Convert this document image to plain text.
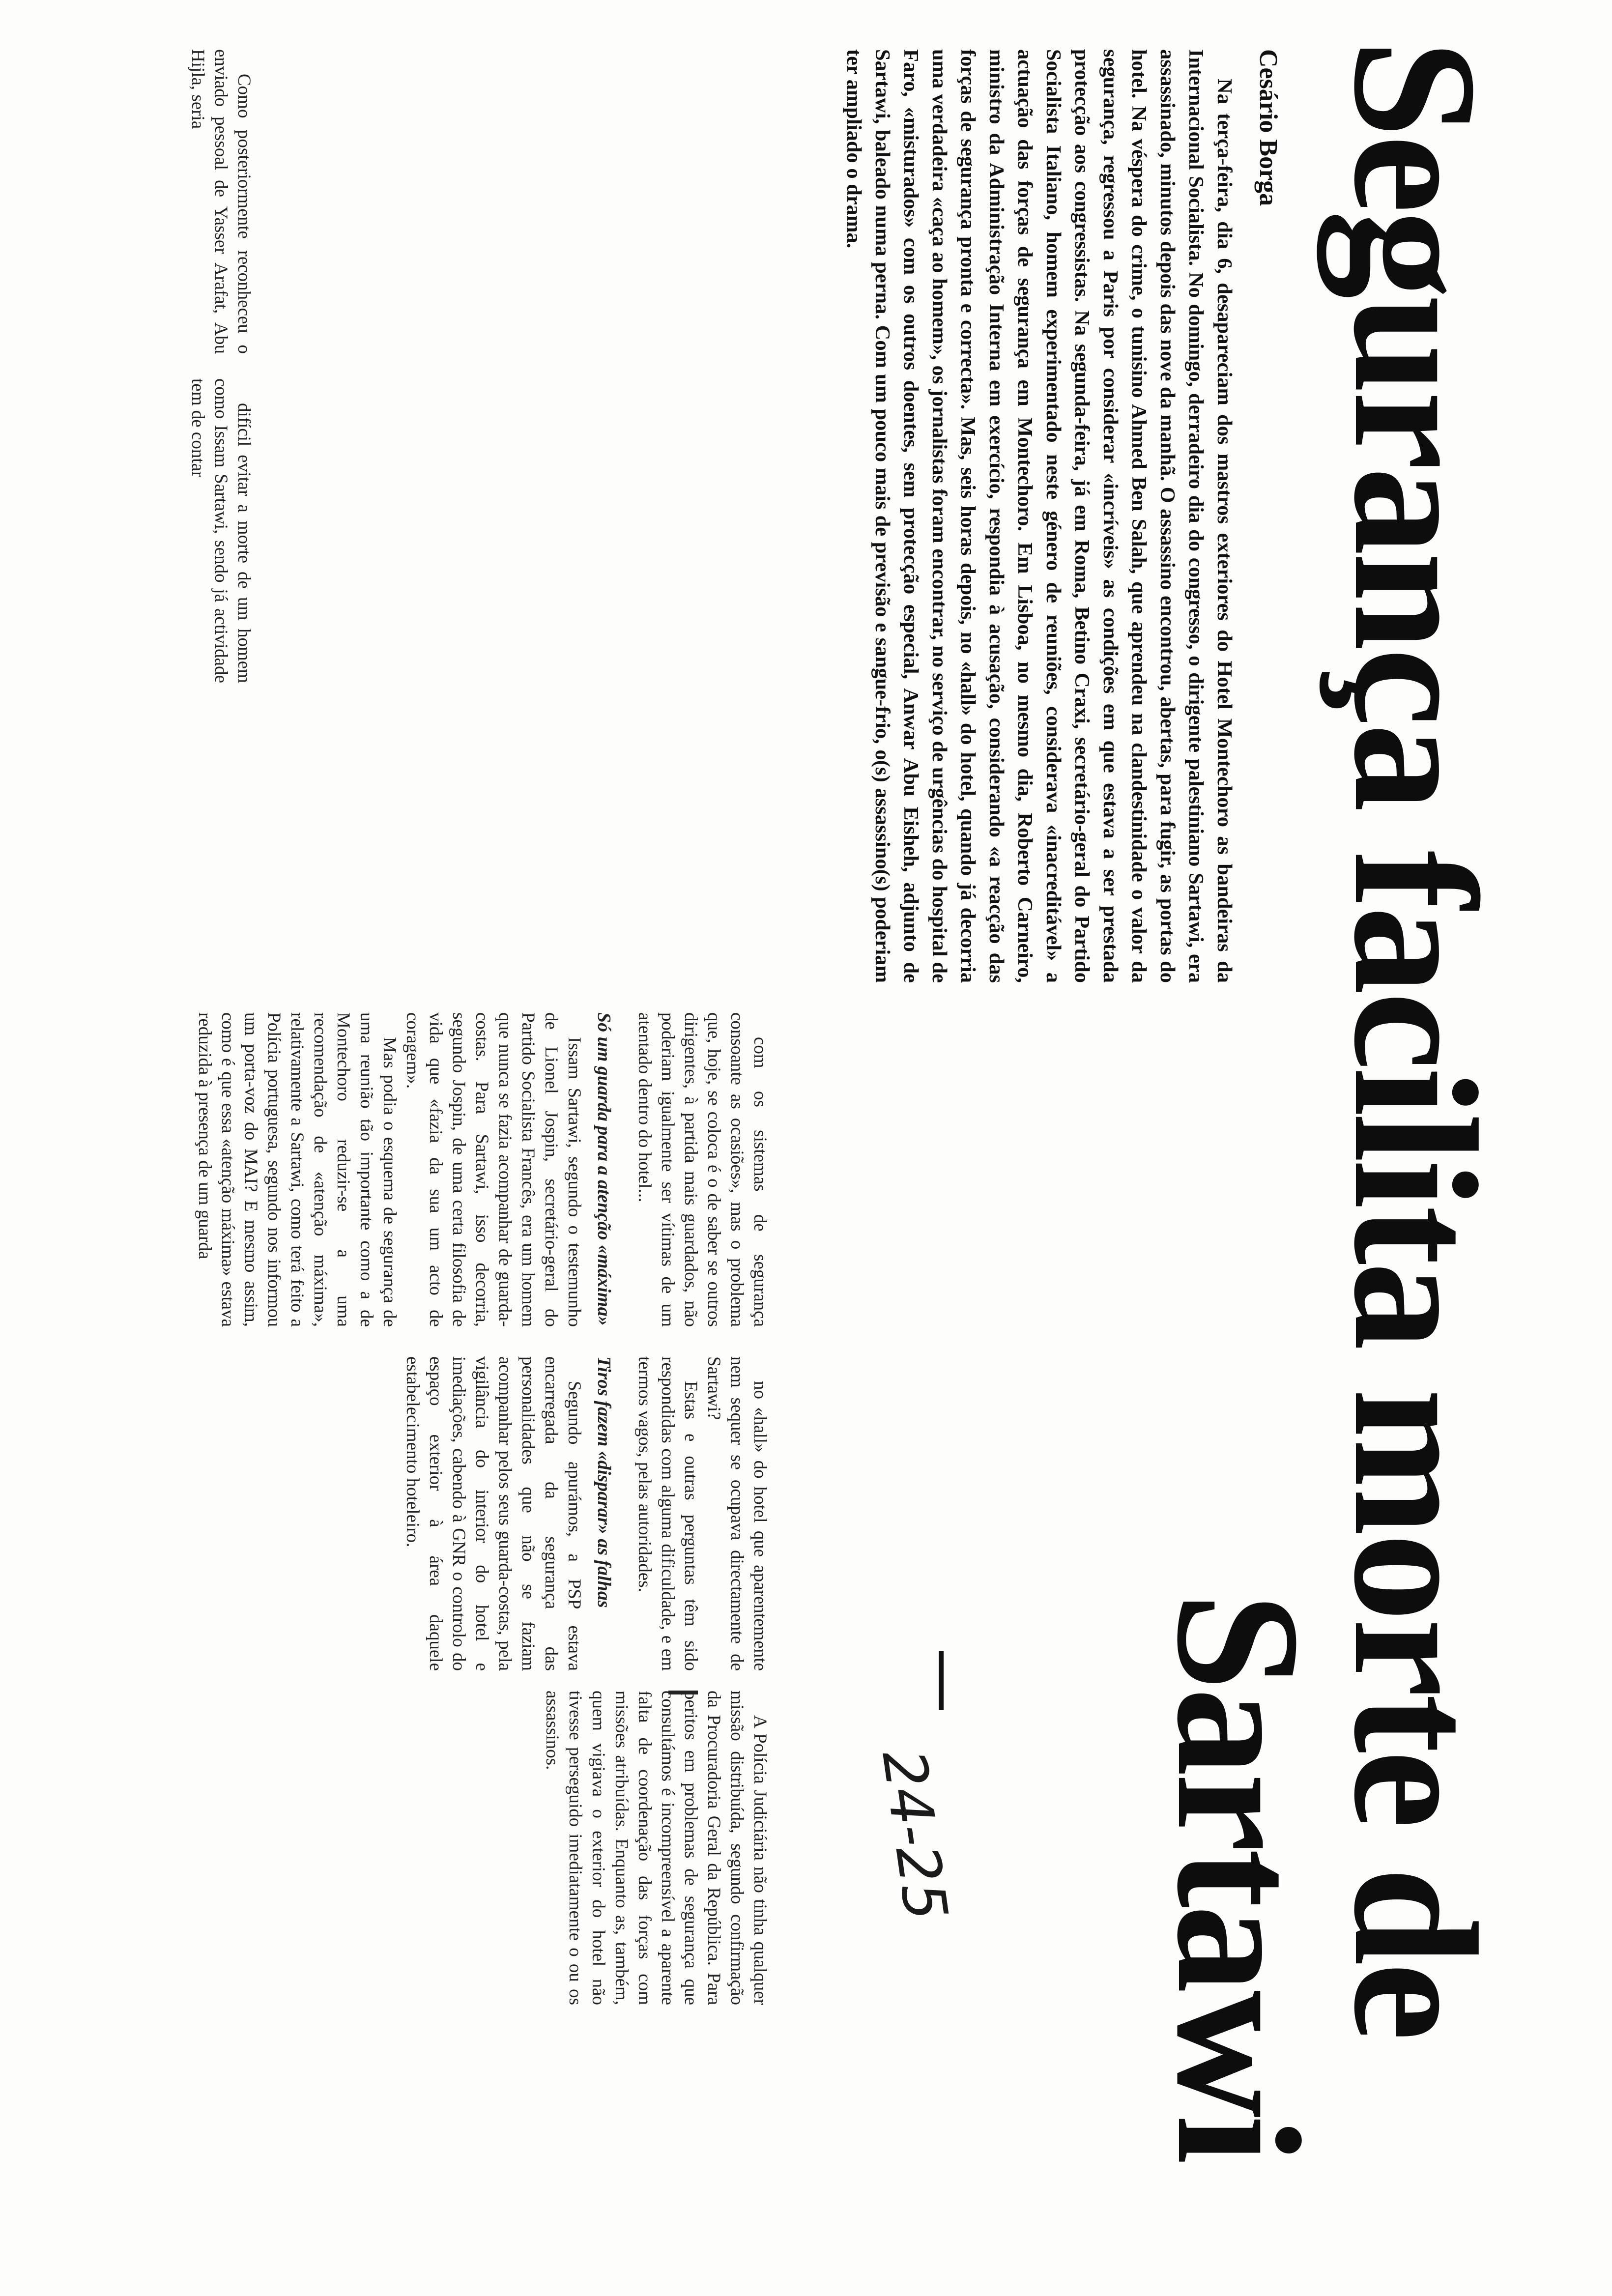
Segurança facilita morte de
Sartawi
24-25
Cesário Borga

Na terça-feira, dia 6, desapareciam dos mastros exteriores do Hotel Montechoro as bandeiras da Internacional Socialista. No domingo, derradeiro dia do congresso, o dirigente palestiniano Sartawi, era assassinado, minutos depois das nove da manhã. O assassino encontrou, abertas, para fugir, as portas do hotel. Na véspera do crime, o tunisino Ahmed Ben Salah, que aprendeu na clandestinidade o valor da segurança, regressou a Paris por considerar «incríveis» as condições em que estava a ser prestada protecção aos congressistas. Na segunda-feira, já em Roma, Betino Craxi, secretário-geral do Partido Socialista Italiano, homem experimentado neste género de reuniões, considerava «inacreditável» a actuação das forças de segurança em Montechoro. Em Lisboa, no mesmo dia, Roberto Carneiro, ministro da Administração Interna em exercício, respondia à acusação, considerando «a reacção das forças de segurança pronta e correcta». Mas, seis horas depois, no «hall» do hotel, quando já decorria uma verdadeira «caça ao homem», os jornalistas foram encontrar, no serviço de urgências do hospital de Faro, «misturados» com os outros doentes, sem protecção especial, Anwar Abu Eisheh, adjunto de Sartawi, baleado numa perna. Com um pouco mais de previsão e sangue-frio, o(s) assassino(s) poderiam ter ampliado o drama.

Como posteriormente reconheceu o enviado pessoal de Yasser Arafat, Abu Hijla, seria

difícil evitar a morte de um homem como Issam Sartawi, sendo já actividade tem de contar

com os sistemas de segurança consoante as ocasiões», mas o problema que, hoje, se coloca é o de saber se outros dirigentes, à partida mais guardados, não poderiam igualmente ser vítimas de um atentado dentro do hotel...

Só um guarda para a atenção «máxima»

Issam Sartawi, segundo o testemunho de Lionel Jospin, secretário-geral do Partido Socialista Francês, era um homem que nunca se fazia acompanhar de guarda-costas. Para Sartawi, isso decorria, segundo Jospin, de uma certa filosofia de vida que «fazia da sua um acto de coragem».

Mas podia o esquema de segurança de uma reunião tão importante como a de Montechoro reduzir-se a uma recomendação de «atenção máxima», relativamente a Sartawi, como terá feito a Polícia portuguesa, segundo nos informou um porta-voz do MAI? E mesmo assim, como é que essa «atenção máxima» estava reduzida à presença de um guarda

no «hall» do hotel que aparentemente nem sequer se ocupava directamente de Sartawi?

Estas e outras perguntas têm sido respondidas com alguma dificuldade, e em termos vagos, pelas autoridades.

Tiros fazem «disparar» as falhas

Segundo apurámos, a PSP estava encarregada da segurança das personalidades que não se faziam acompanhar pelos seus guarda-costas, pela vigilância do interior do hotel e imediações, cabendo à GNR o controlo do espaço exterior à área daquele estabelecimento hoteleiro.

A Polícia Judiciária não tinha qualquer missão distribuída, segundo confirmação da Procuradoria Geral da República. Para peritos em problemas de segurança que consultámos é incompreensível a aparente falta de coordenação das forças com missões atribuídas. Enquanto as, também, quem vigiava o exterior do hotel não tivesse perseguido imediatamente o ou os assassinos.
